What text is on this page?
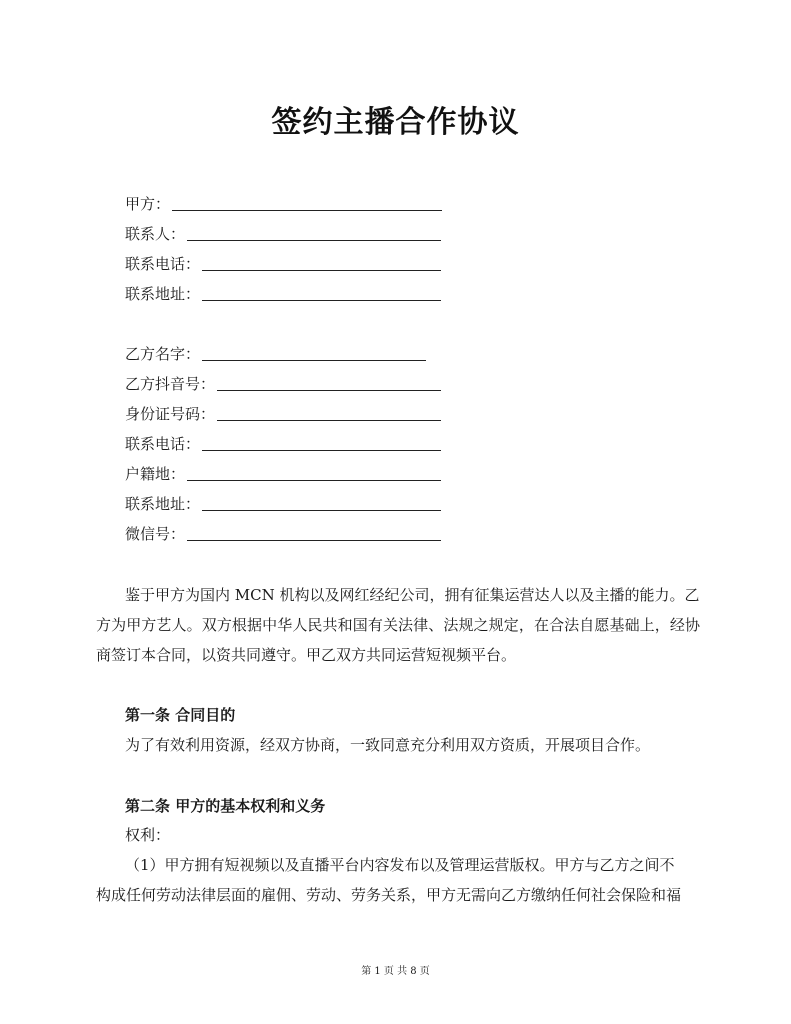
签约主播合作协议
甲方：
联系人：
联系电话：
联系地址：
乙方名字：
乙方抖音号：
身份证号码：
联系电话：
户籍地：
联系地址：
微信号：
鉴于甲方为国内 MCN 机构以及网红经纪公司，拥有征集运营达人以及主播的能力。乙
方为甲方艺人。双方根据中华人民共和国有关法律、法规之规定，在合法自愿基础上，经协商签订本合同，以资共同遵守。甲乙双方共同运营短视频平台。
第一条 合同目的
为了有效利用资源，经双方协商，一致同意充分利用双方资质，开展项目合作。
第二条 甲方的基本权利和义务
权利：
（1）甲方拥有短视频以及直播平台内容发布以及管理运营版权。甲方与乙方之间不
构成任何劳动法律层面的雇佣、劳动、劳务关系，甲方无需向乙方缴纳任何社会保险和福
第 1 页 共 8 页
